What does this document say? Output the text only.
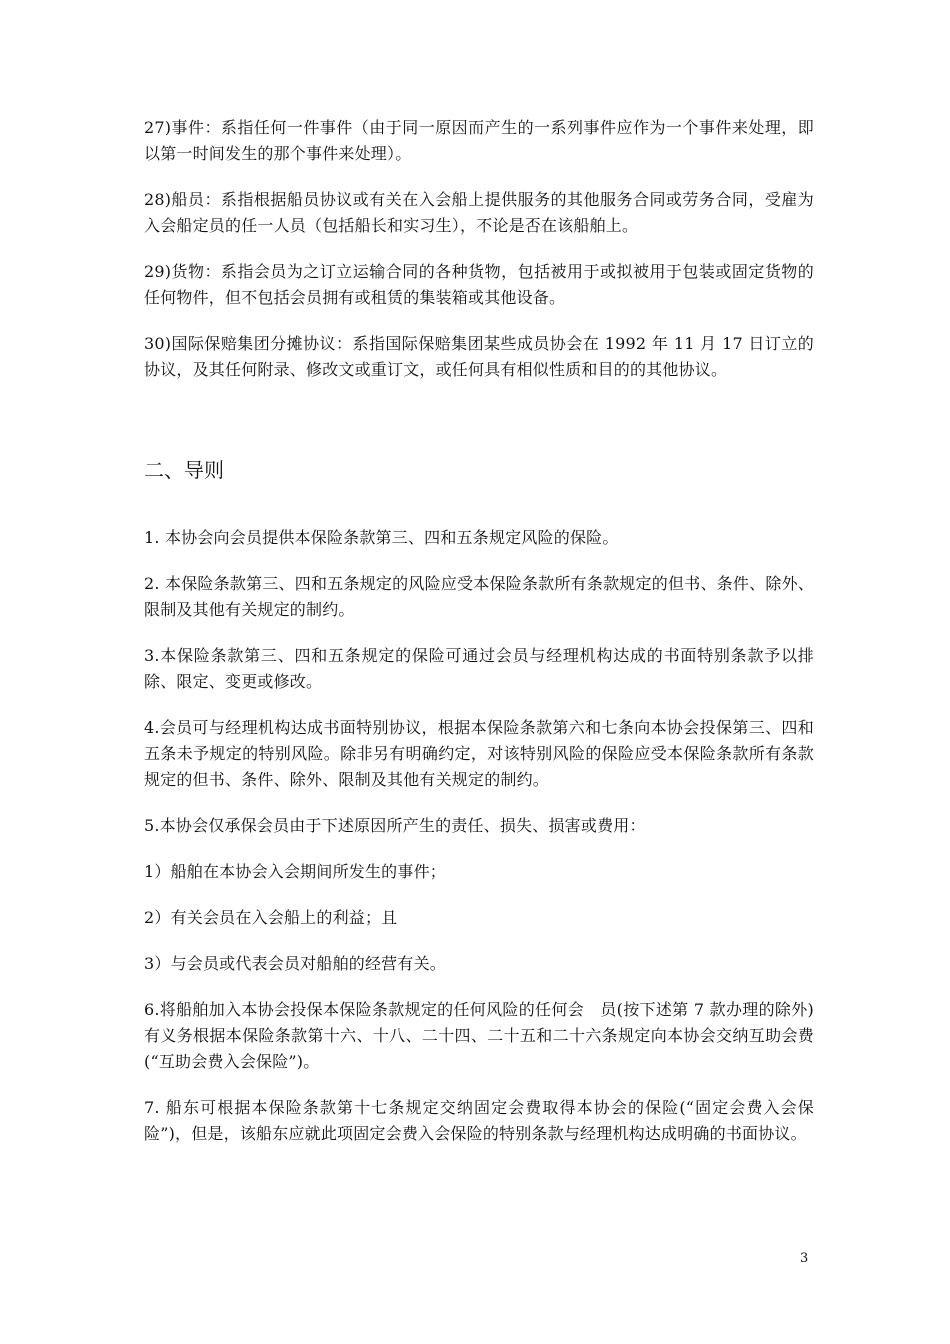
27)事件：系指任何一件事件（由于同一原因而产生的一系列事件应作为一个事件来处理，即以第一时间发生的那个事件来处理）。

28)船员：系指根据船员协议或有关在入会船上提供服务的其他服务合同或劳务合同，受雇为入会船定员的任一人员（包括船长和实习生），不论是否在该船舶上。

29)货物：系指会员为之订立运输合同的各种货物，包括被用于或拟被用于包装或固定货物的任何物件，但不包括会员拥有或租赁的集装箱或其他设备。

30)国际保赔集团分摊协议：系指国际保赔集团某些成员协会在 1992 年 11 月 17 日订立的协议，及其任何附录、修改文或重订文，或任何具有相似性质和目的的其他协议。

二、导则

1. 本协会向会员提供本保险条款第三、四和五条规定风险的保险。

2. 本保险条款第三、四和五条规定的风险应受本保险条款所有条款规定的但书、条件、除外、限制及其他有关规定的制约。

3.本保险条款第三、四和五条规定的保险可通过会员与经理机构达成的书面特别条款予以排除、限定、变更或修改。

4.会员可与经理机构达成书面特别协议，根据本保险条款第六和七条向本协会投保第三、四和五条未予规定的特别风险。除非另有明确约定，对该特别风险的保险应受本保险条款所有条款规定的但书、条件、除外、限制及其他有关规定的制约。

5.本协会仅承保会员由于下述原因所产生的责任、损失、损害或费用：

1）船舶在本协会入会期间所发生的事件；

2）有关会员在入会船上的利益；且

3）与会员或代表会员对船舶的经营有关。

6.将船舶加入本协会投保本保险条款规定的任何风险的任何会　员(按下述第 7 款办理的除外)有义务根据本保险条款第十六、十八、二十四、二十五和二十六条规定向本协会交纳互助会费(“互助会费入会保险”)。

7. 船东可根据本保险条款第十七条规定交纳固定会费取得本协会的保险(“固定会费入会保险”)，但是，该船东应就此项固定会费入会保险的特别条款与经理机构达成明确的书面协议。

3
